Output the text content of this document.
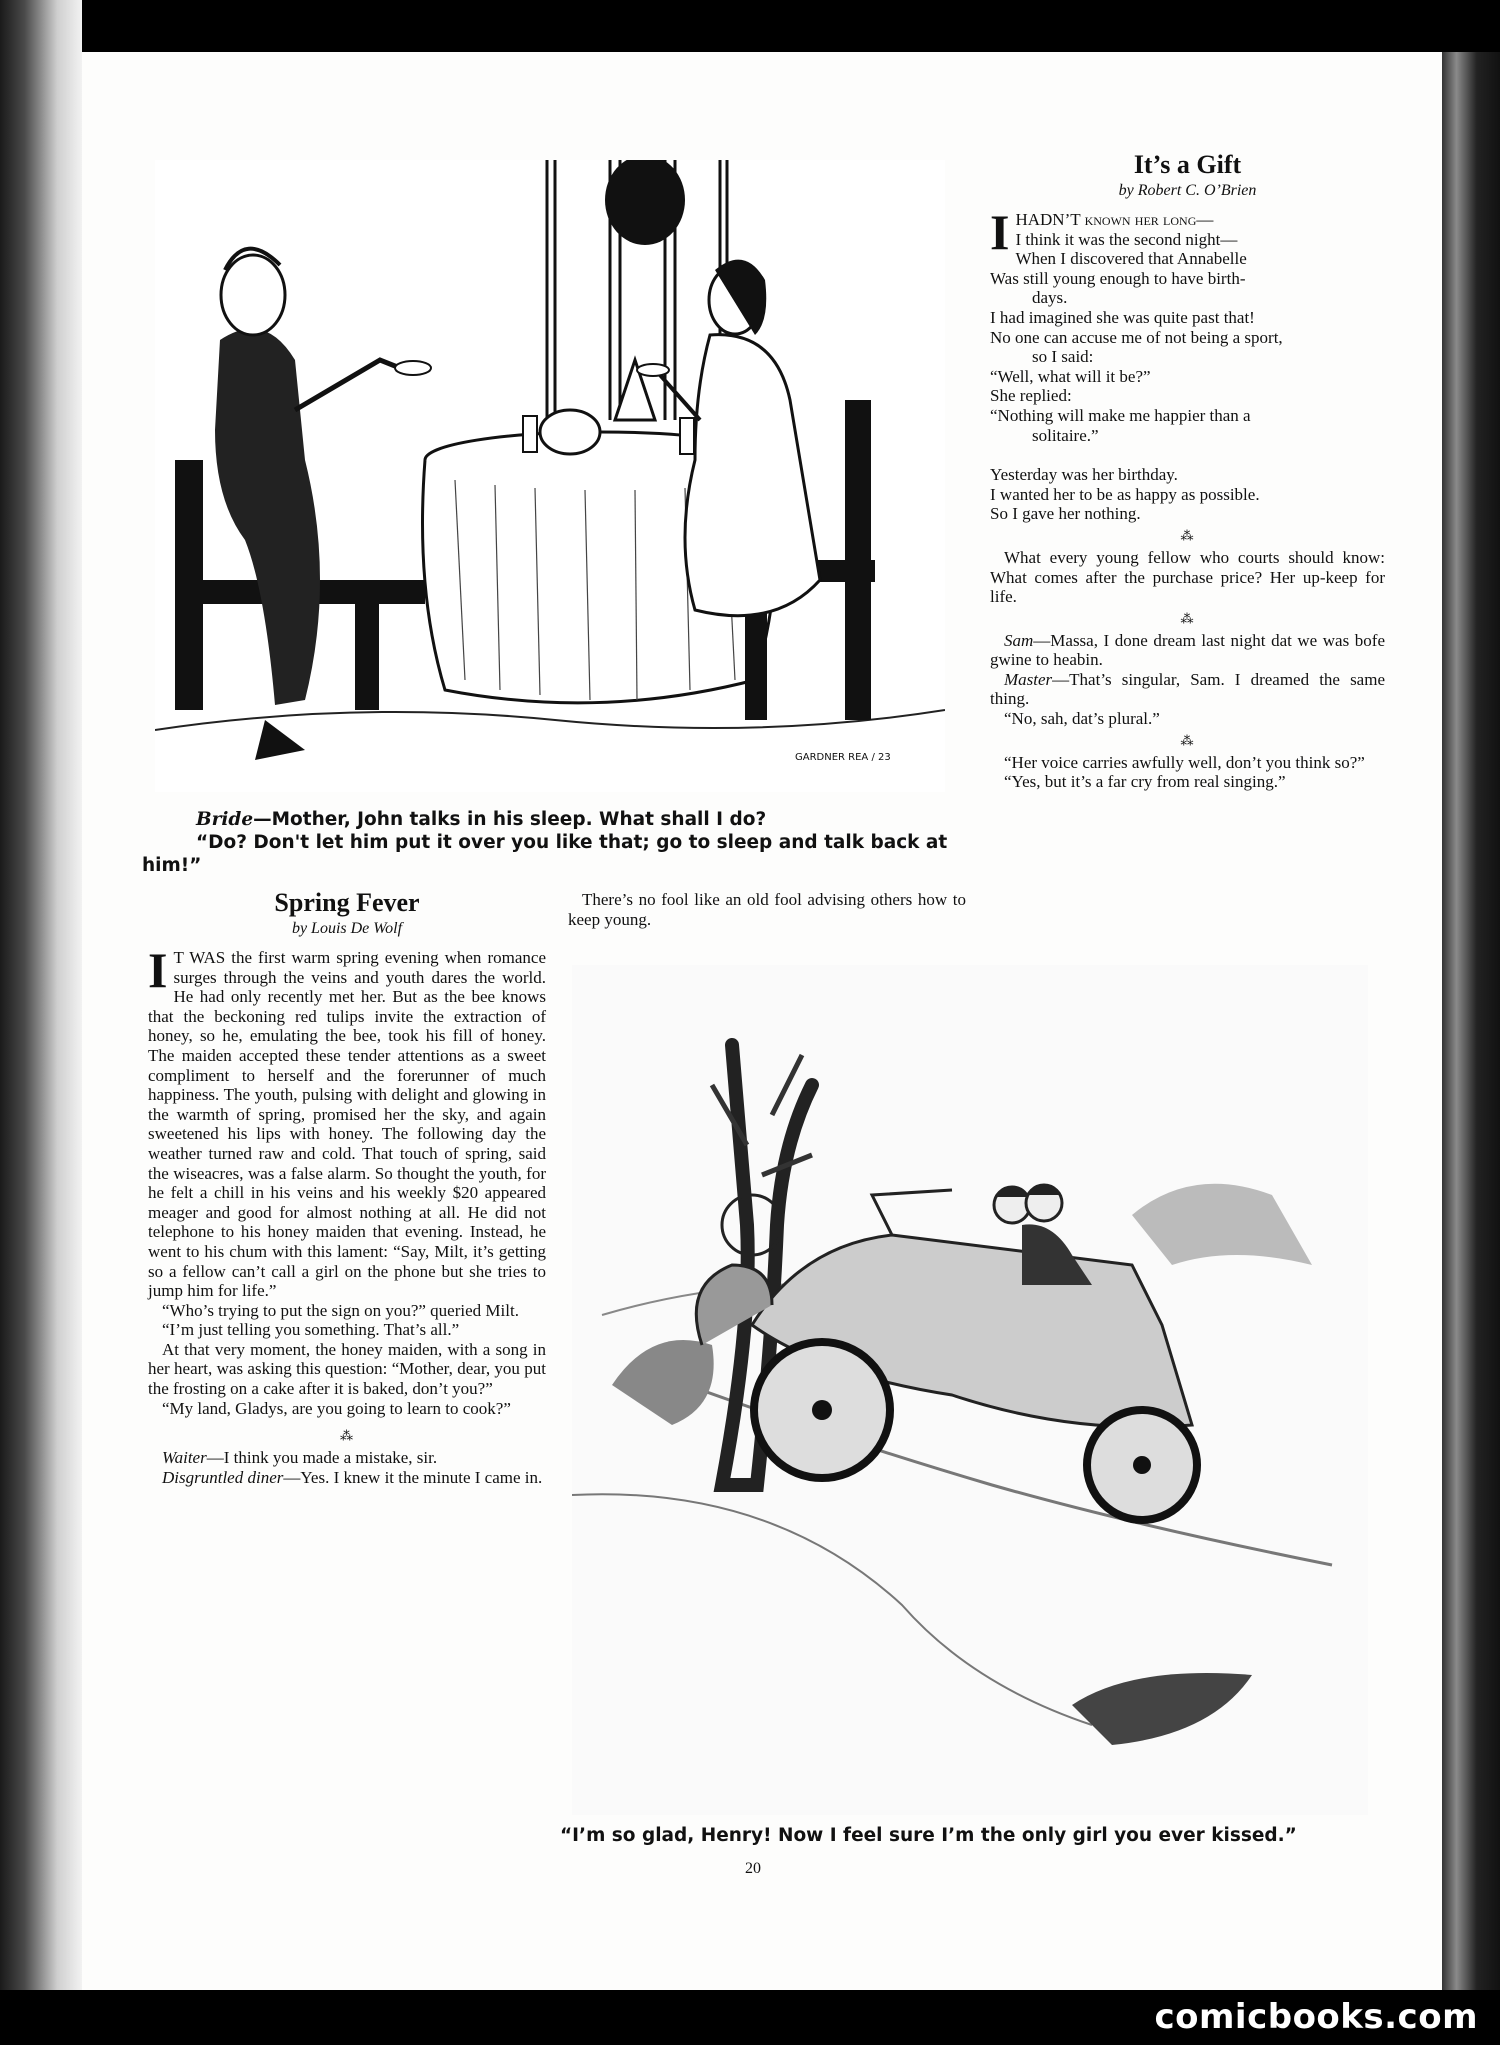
GARDNER REA / 23
Bride—Mother, John talks in his sleep. What shall I do?
“Do? Don't let him put it over you like that; go to sleep and talk back at him!”
It’s a Gift
by Robert C. O’Brien
I HADN’T known her long—
I think it was the second night—
When I discovered that Annabelle
Was still young enough to have birth-
days.
I had imagined she was quite past that!
No one can accuse me of not being a sport,
so I said:
“Well, what will it be?”
She replied:
“Nothing will make me happier than a
solitaire.”
Yesterday was her birthday.
I wanted her to be as happy as possible.
So I gave her nothing.
⁂

What every young fellow who courts should know: What comes after the purchase price? Her up-keep for life.

⁂

Sam—Massa, I done dream last night dat we was bofe gwine to heabin.

Master—That’s singular, Sam. I dreamed the same thing.

“No, sah, dat’s plural.”

⁂

“Her voice carries awfully well, don’t you think so?”

“Yes, but it’s a far cry from real singing.”

Spring Fever
by Louis De Wolf

I T WAS the first warm spring evening when romance surges through the veins and youth dares the world. He had only recently met her. But as the bee knows that the beckoning red tulips invite the extraction of honey, so he, emulating the bee, took his fill of honey. The maiden accepted these tender attentions as a sweet compliment to herself and the forerunner of much happiness. The youth, pulsing with delight and glowing in the warmth of spring, promised her the sky, and again sweetened his lips with honey. The following day the weather turned raw and cold. That touch of spring, said the wiseacres, was a false alarm. So thought the youth, for he felt a chill in his veins and his weekly $20 appeared meager and good for almost nothing at all. He did not telephone to his honey maiden that evening. Instead, he went to his chum with this lament: “Say, Milt, it’s getting so a fellow can’t call a girl on the phone but she tries to jump him for life.”

“Who’s trying to put the sign on you?” queried Milt.

“I’m just telling you something. That’s all.”

At that very moment, the honey maiden, with a song in her heart, was asking this question: “Mother, dear, you put the frosting on a cake after it is baked, don’t you?”

“My land, Gladys, are you going to learn to cook?”

⁂

Waiter—I think you made a mistake, sir.

Disgruntled diner—Yes. I knew it the minute I came in.

There’s no fool like an old fool advising others how to keep young.

“I’m so glad, Henry! Now I feel sure I’m the only girl you ever kissed.”
20
comicbooks.com
